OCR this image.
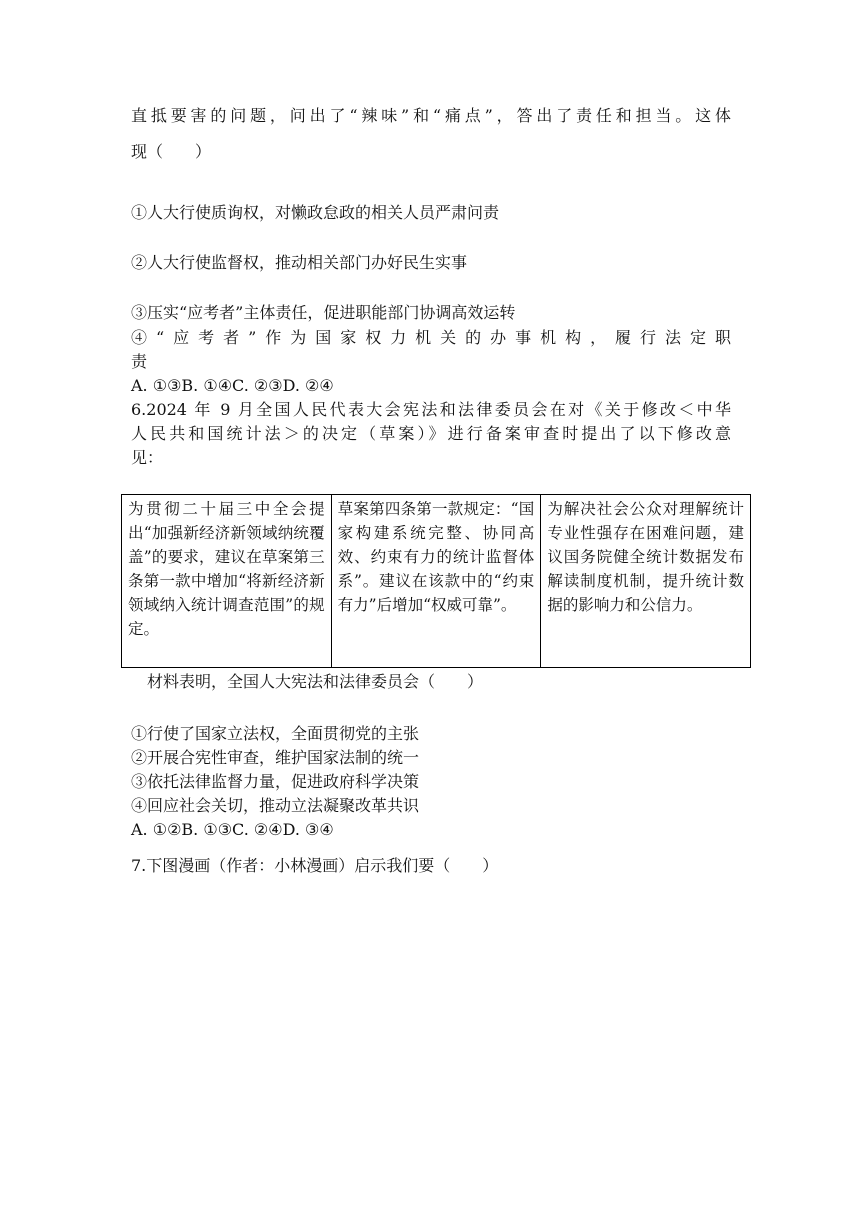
直抵要害的问题，问出了“辣味”和“痛点”，答出了责任和担当。这体
现（　　）
①人大行使质询权，对懒政怠政的相关人员严肃问责
②人大行使监督权，推动相关部门办好民生实事
③压实“应考者”主体责任，促进职能部门协调高效运转
④“应考者”作为国家权力机关的办事机构，履行法定职
责
A. ①③B. ①④C. ②③D. ②④
6.2024 年 9 月全国人民代表大会宪法和法律委员会在对《关于修改＜中华
人民共和国统计法＞的决定（草案）》进行备案审查时提出了以下修改意
见：
为贯彻二十届三中全会提出“加强新经济新领域纳统覆盖”的要求，建议在草案第三条第一款中增加“将新经济新领域纳入统计调查范围”的规定。	草案第四条第一款规定：“国家构建系统完整、协同高效、约束有力的统计监督体系”。建议在该款中的“约束有力”后增加“权威可靠”。	为解决社会公众对理解统计专业性强存在困难问题，建议国务院健全统计数据发布解读制度机制，提升统计数据的影响力和公信力。
材料表明，全国人大宪法和法律委员会（　　）
①行使了国家立法权，全面贯彻党的主张
②开展合宪性审查，维护国家法制的统一
③依托法律监督力量，促进政府科学决策
④回应社会关切，推动立法凝聚改革共识
A. ①②B. ①③C. ②④D. ③④
7.下图漫画（作者：小林漫画）启示我们要（　　）
